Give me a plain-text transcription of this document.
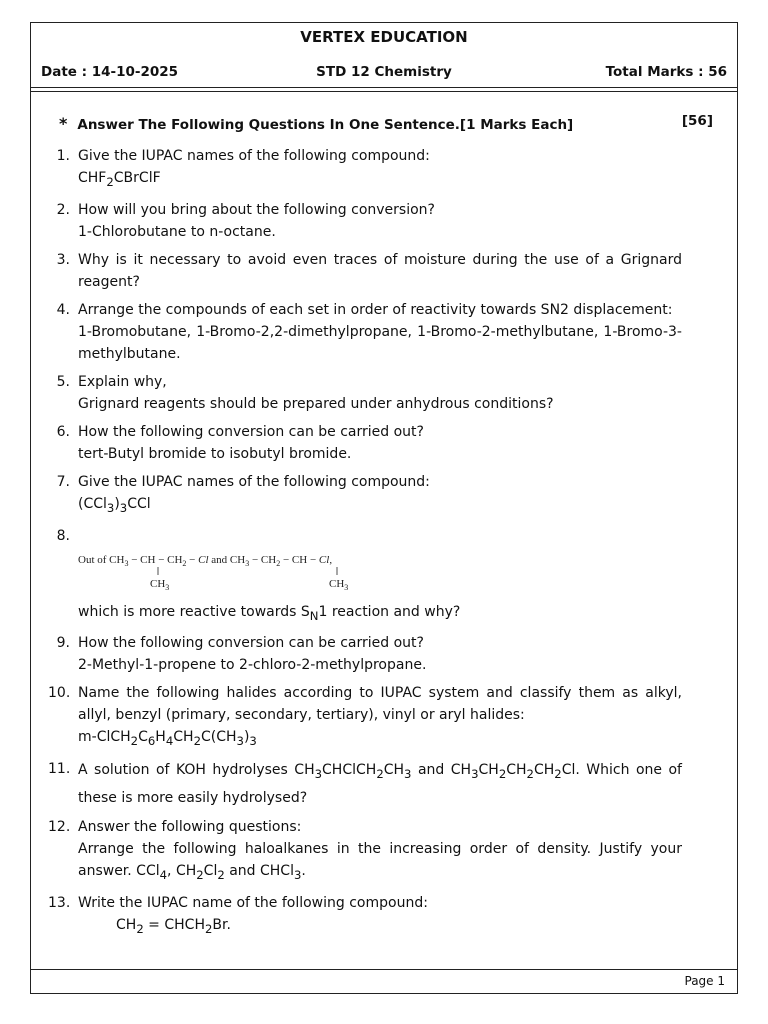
VERTEX EDUCATION
Date : 14-10-2025	STD 12 Chemistry	Total Marks : 56
* Answer The Following Questions In One Sentence.[1 Marks Each]	[56]
1. Give the IUPAC names of the following compound:

$CHF_2CBrClF$

2. How will you bring about the following conversion?

1-Chlorobutane to n-octane.

3. Why is it necessary to avoid even traces of moisture during the use of a Grignard reagent?

4. Arrange the compounds of each set in order of reactivity towards SN2 displacement:

1-Bromobutane, 1-Bromo-2,2-dimethylpropane, 1-Bromo-2-methylbutane, 1-Bromo-3-methylbutane.

5. Explain why,

Grignard reagents should be prepared under anhydrous conditions?

6. How the following conversion can be carried out?

tert-Butyl bromide to isobutyl bromide.

7. Give the IUPAC names of the following compound:

$(CCl_3)_3CCl$

8.

Out of $CH_3$ − CH − $CH_2 - Cl$ and $CH_3 - CH_2$ − CH − Cl,
$CH_3$	$CH_3$

which is more reactive towards $S_N1$ reaction and why?

9. How the following conversion can be carried out?

2-Methyl-1-propene to 2-chloro-2-methylpropane.

10. Name the following halides according to IUPAC system and classify them as alkyl, allyl, benzyl (primary, secondary, tertiary), vinyl or aryl halides:

$m-ClCH_2C_6H_4CH_2C(CH_3)_3$

11. A solution of KOH hydrolyses $CH_3CHClCH_2CH_3$ and $CH_3CH_2CH_2CH_2Cl$. Which one of these is more easily hydrolysed?

12. Answer the following questions:

Arrange the following haloalkanes in the increasing order of density. Justify your answer. CCl$_4$, $CH_2Cl_2$ and CHCl$_3$.

13. Write the IUPAC name of the following compound:

$CH_2$ = $CHCH_2Br$.

Page 1
